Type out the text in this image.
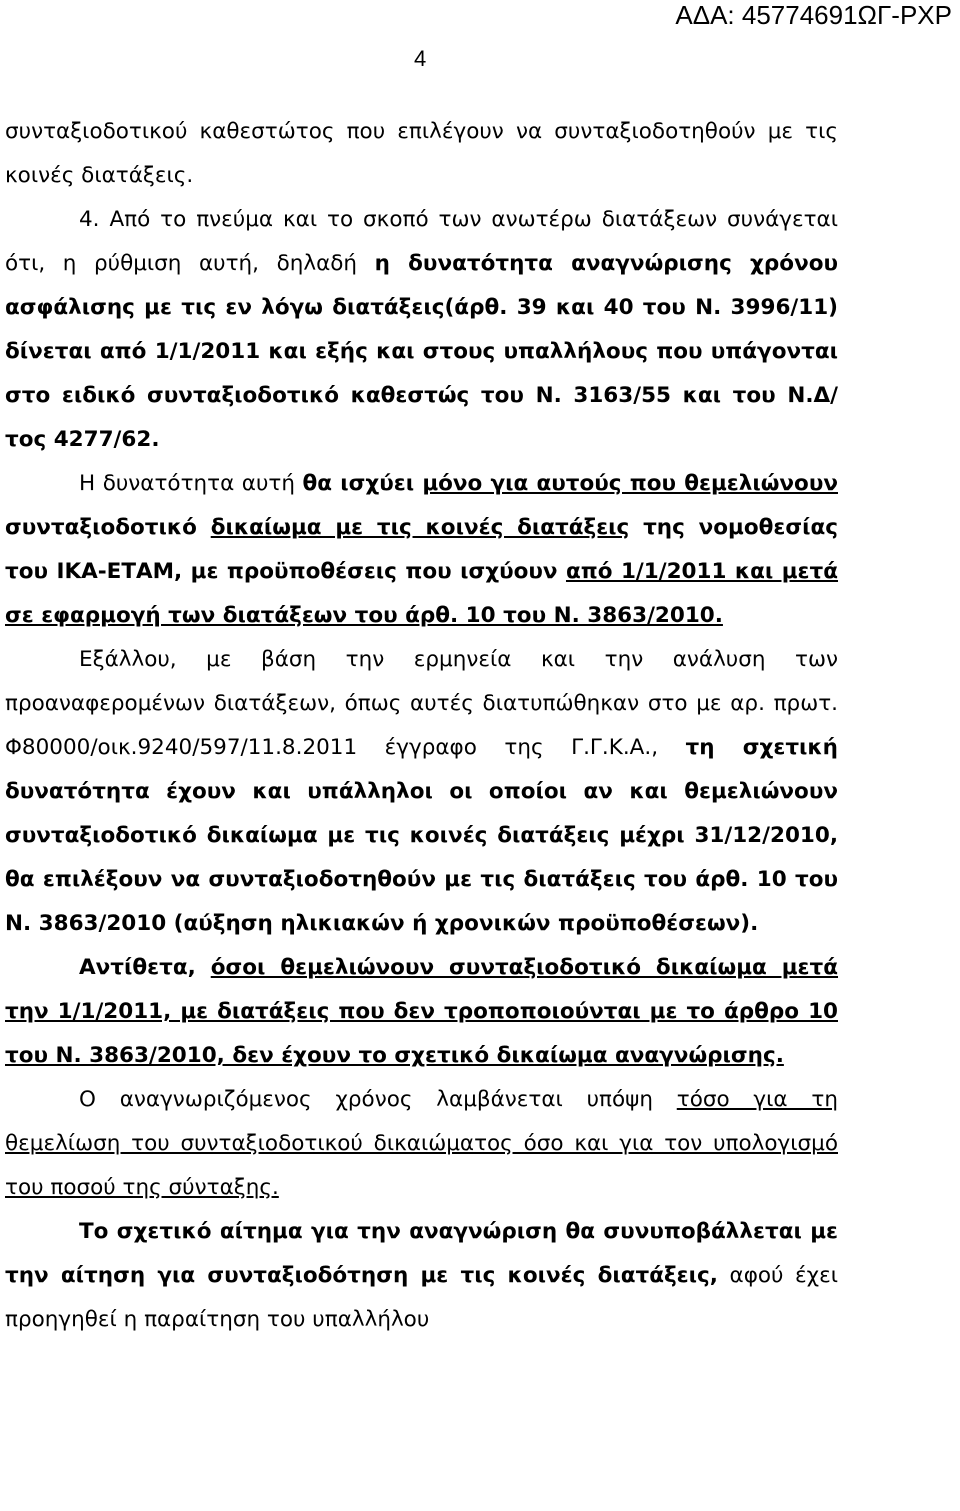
ΑΔΑ: 45774691ΩΓ-ΡΧΡ
4

συνταξιοδοτικού καθεστώτος που επιλέγουν να συνταξιοδοτηθούν με τις κοινές διατάξεις.

4. Από το πνεύμα και το σκοπό των ανωτέρω διατάξεων συνάγεται ότι, η ρύθμιση αυτή, δηλαδή η δυνατότητα αναγνώρισης χρόνου ασφάλισης με τις εν λόγω διατάξεις(άρθ. 39 και 40 του Ν. 3996/11) δίνεται από 1/1/2011 και εξής και στους υπαλλήλους που υπάγονται στο ειδικό συνταξιοδοτικό καθεστώς του Ν. 3163/55 και του Ν.Δ/τος 4277/62.

Η δυνατότητα αυτή θα ισχύει μόνο για αυτούς που θεμελιώνουν συνταξιοδοτικό δικαίωμα με τις κοινές διατάξεις της νομοθεσίας του ΙΚΑ-ΕΤΑΜ, με προϋποθέσεις που ισχύουν από 1/1/2011 και μετά σε εφαρμογή των διατάξεων του άρθ. 10 του Ν. 3863/2010.

Εξάλλου, με βάση την ερμηνεία και την ανάλυση των προαναφερομένων διατάξεων, όπως αυτές διατυπώθηκαν στο με αρ. πρωτ. Φ80000/οικ.9240/597/11.8.2011 έγγραφο της Γ.Γ.Κ.Α., τη σχετική δυνατότητα έχουν και υπάλληλοι οι οποίοι αν και θεμελιώνουν συνταξιοδοτικό δικαίωμα με τις κοινές διατάξεις μέχρι 31/12/2010, θα επιλέξουν να συνταξιοδοτηθούν με τις διατάξεις του άρθ. 10 του Ν. 3863/2010 (αύξηση ηλικιακών ή χρονικών προϋποθέσεων).

Αντίθετα, όσοι θεμελιώνουν συνταξιοδοτικό δικαίωμα μετά την 1/1/2011, με διατάξεις που δεν τροποποιούνται με το άρθρο 10 του Ν. 3863/2010, δεν έχουν το σχετικό δικαίωμα αναγνώρισης.

Ο αναγνωριζόμενος χρόνος λαμβάνεται υπόψη τόσο για τη θεμελίωση του συνταξιοδοτικού δικαιώματος όσο και για τον υπολογισμό του ποσού της σύνταξης.

Το σχετικό αίτημα για την αναγνώριση θα συνυποβάλλεται με την αίτηση για συνταξιοδότηση με τις κοινές διατάξεις, αφού έχει προηγηθεί η παραίτηση του υπαλλήλου
